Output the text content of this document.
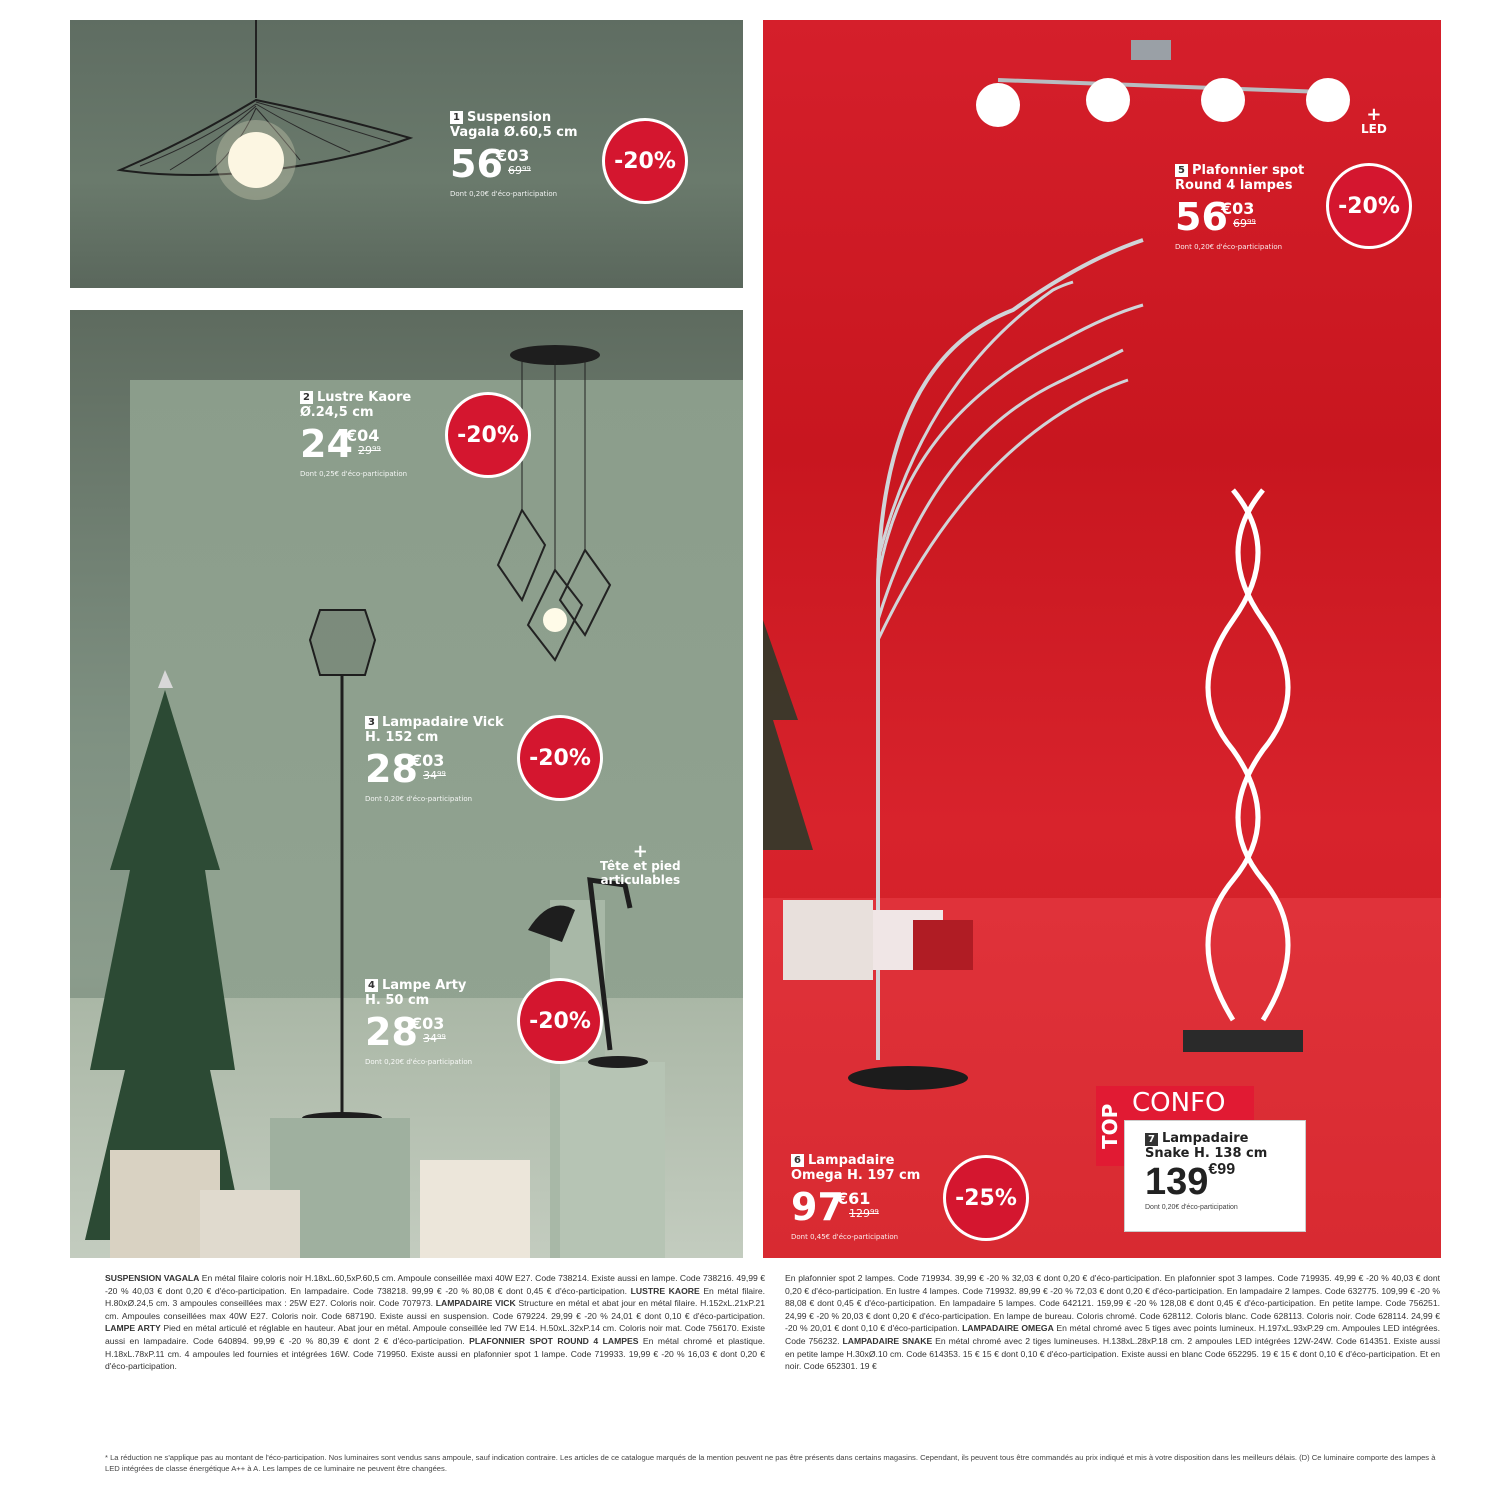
1 Suspension
Vagala Ø.60,5 cm
56
€03
69⁹⁹
Dont 0,20€ d'éco-participation
-20%
2 Lustre Kaore
Ø.24,5 cm
24
€04
29⁹⁹
Dont 0,25€ d'éco-participation
-20%
3 Lampadaire Vick
H. 152 cm
28
€03
34⁹⁹
Dont 0,20€ d'éco-participation
-20%
+
Tête et pied
articulables
4 Lampe Arty
H. 50 cm
28
€03
34⁹⁹
Dont 0,20€ d'éco-participation
-20%
+
LED
5 Plafonnier spot
Round 4 lampes
56
€03
69⁹⁹
Dont 0,20€ d'éco-participation
-20%
6 Lampadaire
Omega H. 197 cm
97
€61
129⁹⁹
Dont 0,45€ d'éco-participation
-25%
TOP
CONFO
7 Lampadaire
Snake H. 138 cm
139€99
Dont 0,20€ d'éco-participation
SUSPENSION VAGALA En métal filaire coloris noir H.18xL.60,5xP.60,5 cm. Ampoule conseillée maxi 40W E27. Code 738214. Existe aussi en lampe. Code 738216. 49,99 € -20 % 40,03 € dont 0,20 € d'éco-participation. En lampadaire. Code 738218. 99,99 € -20 % 80,08 € dont 0,45 € d'éco-participation. LUSTRE KAORE En métal filaire. H.80xØ.24,5 cm. 3 ampoules conseillées max : 25W E27. Coloris noir. Code 707973. LAMPADAIRE VICK Structure en métal et abat jour en métal filaire. H.152xL.21xP.21 cm. Ampoules conseillées max 40W E27. Coloris noir. Code 687190. Existe aussi en suspension. Code 679224. 29,99 € -20 % 24,01 € dont 0,10 € d'éco-participation. LAMPE ARTY Pied en métal articulé et réglable en hauteur. Abat jour en métal. Ampoule conseillée led 7W E14. H.50xL.32xP.14 cm. Coloris noir mat. Code 756170. Existe aussi en lampadaire. Code 640894. 99,99 € -20 % 80,39 € dont 2 € d'éco-participation. PLAFONNIER SPOT ROUND 4 LAMPES En métal chromé et plastique. H.18xL.78xP.11 cm. 4 ampoules led fournies et intégrées 16W. Code 719950. Existe aussi en plafonnier spot 1 lampe. Code 719933. 19,99 € -20 % 16,03 € dont 0,20 € d'éco-participation.
En plafonnier spot 2 lampes. Code 719934. 39,99 € -20 % 32,03 € dont 0,20 € d'éco-participation. En plafonnier spot 3 lampes. Code 719935. 49,99 € -20 % 40,03 € dont 0,20 € d'éco-participation. En lustre 4 lampes. Code 719932. 89,99 € -20 % 72,03 € dont 0,20 € d'éco-participation. En lampadaire 2 lampes. Code 632775. 109,99 € -20 % 88,08 € dont 0,45 € d'éco-participation. En lampadaire 5 lampes. Code 642121. 159,99 € -20 % 128,08 € dont 0,45 € d'éco-participation. En petite lampe. Code 756251. 24,99 € -20 % 20,03 € dont 0,20 € d'éco-participation. En lampe de bureau. Coloris chromé. Code 628112. Coloris blanc. Code 628113. Coloris noir. Code 628114. 24,99 € -20 % 20,01 € dont 0,10 € d'éco-participation. LAMPADAIRE OMEGA En métal chromé avec 5 tiges avec points lumineux. H.197xL.93xP.29 cm. Ampoules LED intégrées. Code 756232. LAMPADAIRE SNAKE En métal chromé avec 2 tiges lumineuses. H.138xL.28xP.18 cm. 2 ampoules LED intégrées 12W-24W. Code 614351. Existe aussi en petite lampe H.30xØ.10 cm. Code 614353. 15 € 15 € dont 0,10 € d'éco-participation. Existe aussi en blanc Code 652295. 19 € 15 € dont 0,10 € d'éco-participation. Et en noir. Code 652301. 19 €
* La réduction ne s'applique pas au montant de l'éco-participation. Nos luminaires sont vendus sans ampoule, sauf indication contraire. Les articles de ce catalogue marqués de la mention peuvent ne pas être présents dans certains magasins. Cependant, ils peuvent tous être commandés au prix indiqué et mis à votre disposition dans les meilleurs délais. (D) Ce luminaire comporte des lampes à LED intégrées de classe énergétique A++ à A. Les lampes de ce luminaire ne peuvent être changées.
